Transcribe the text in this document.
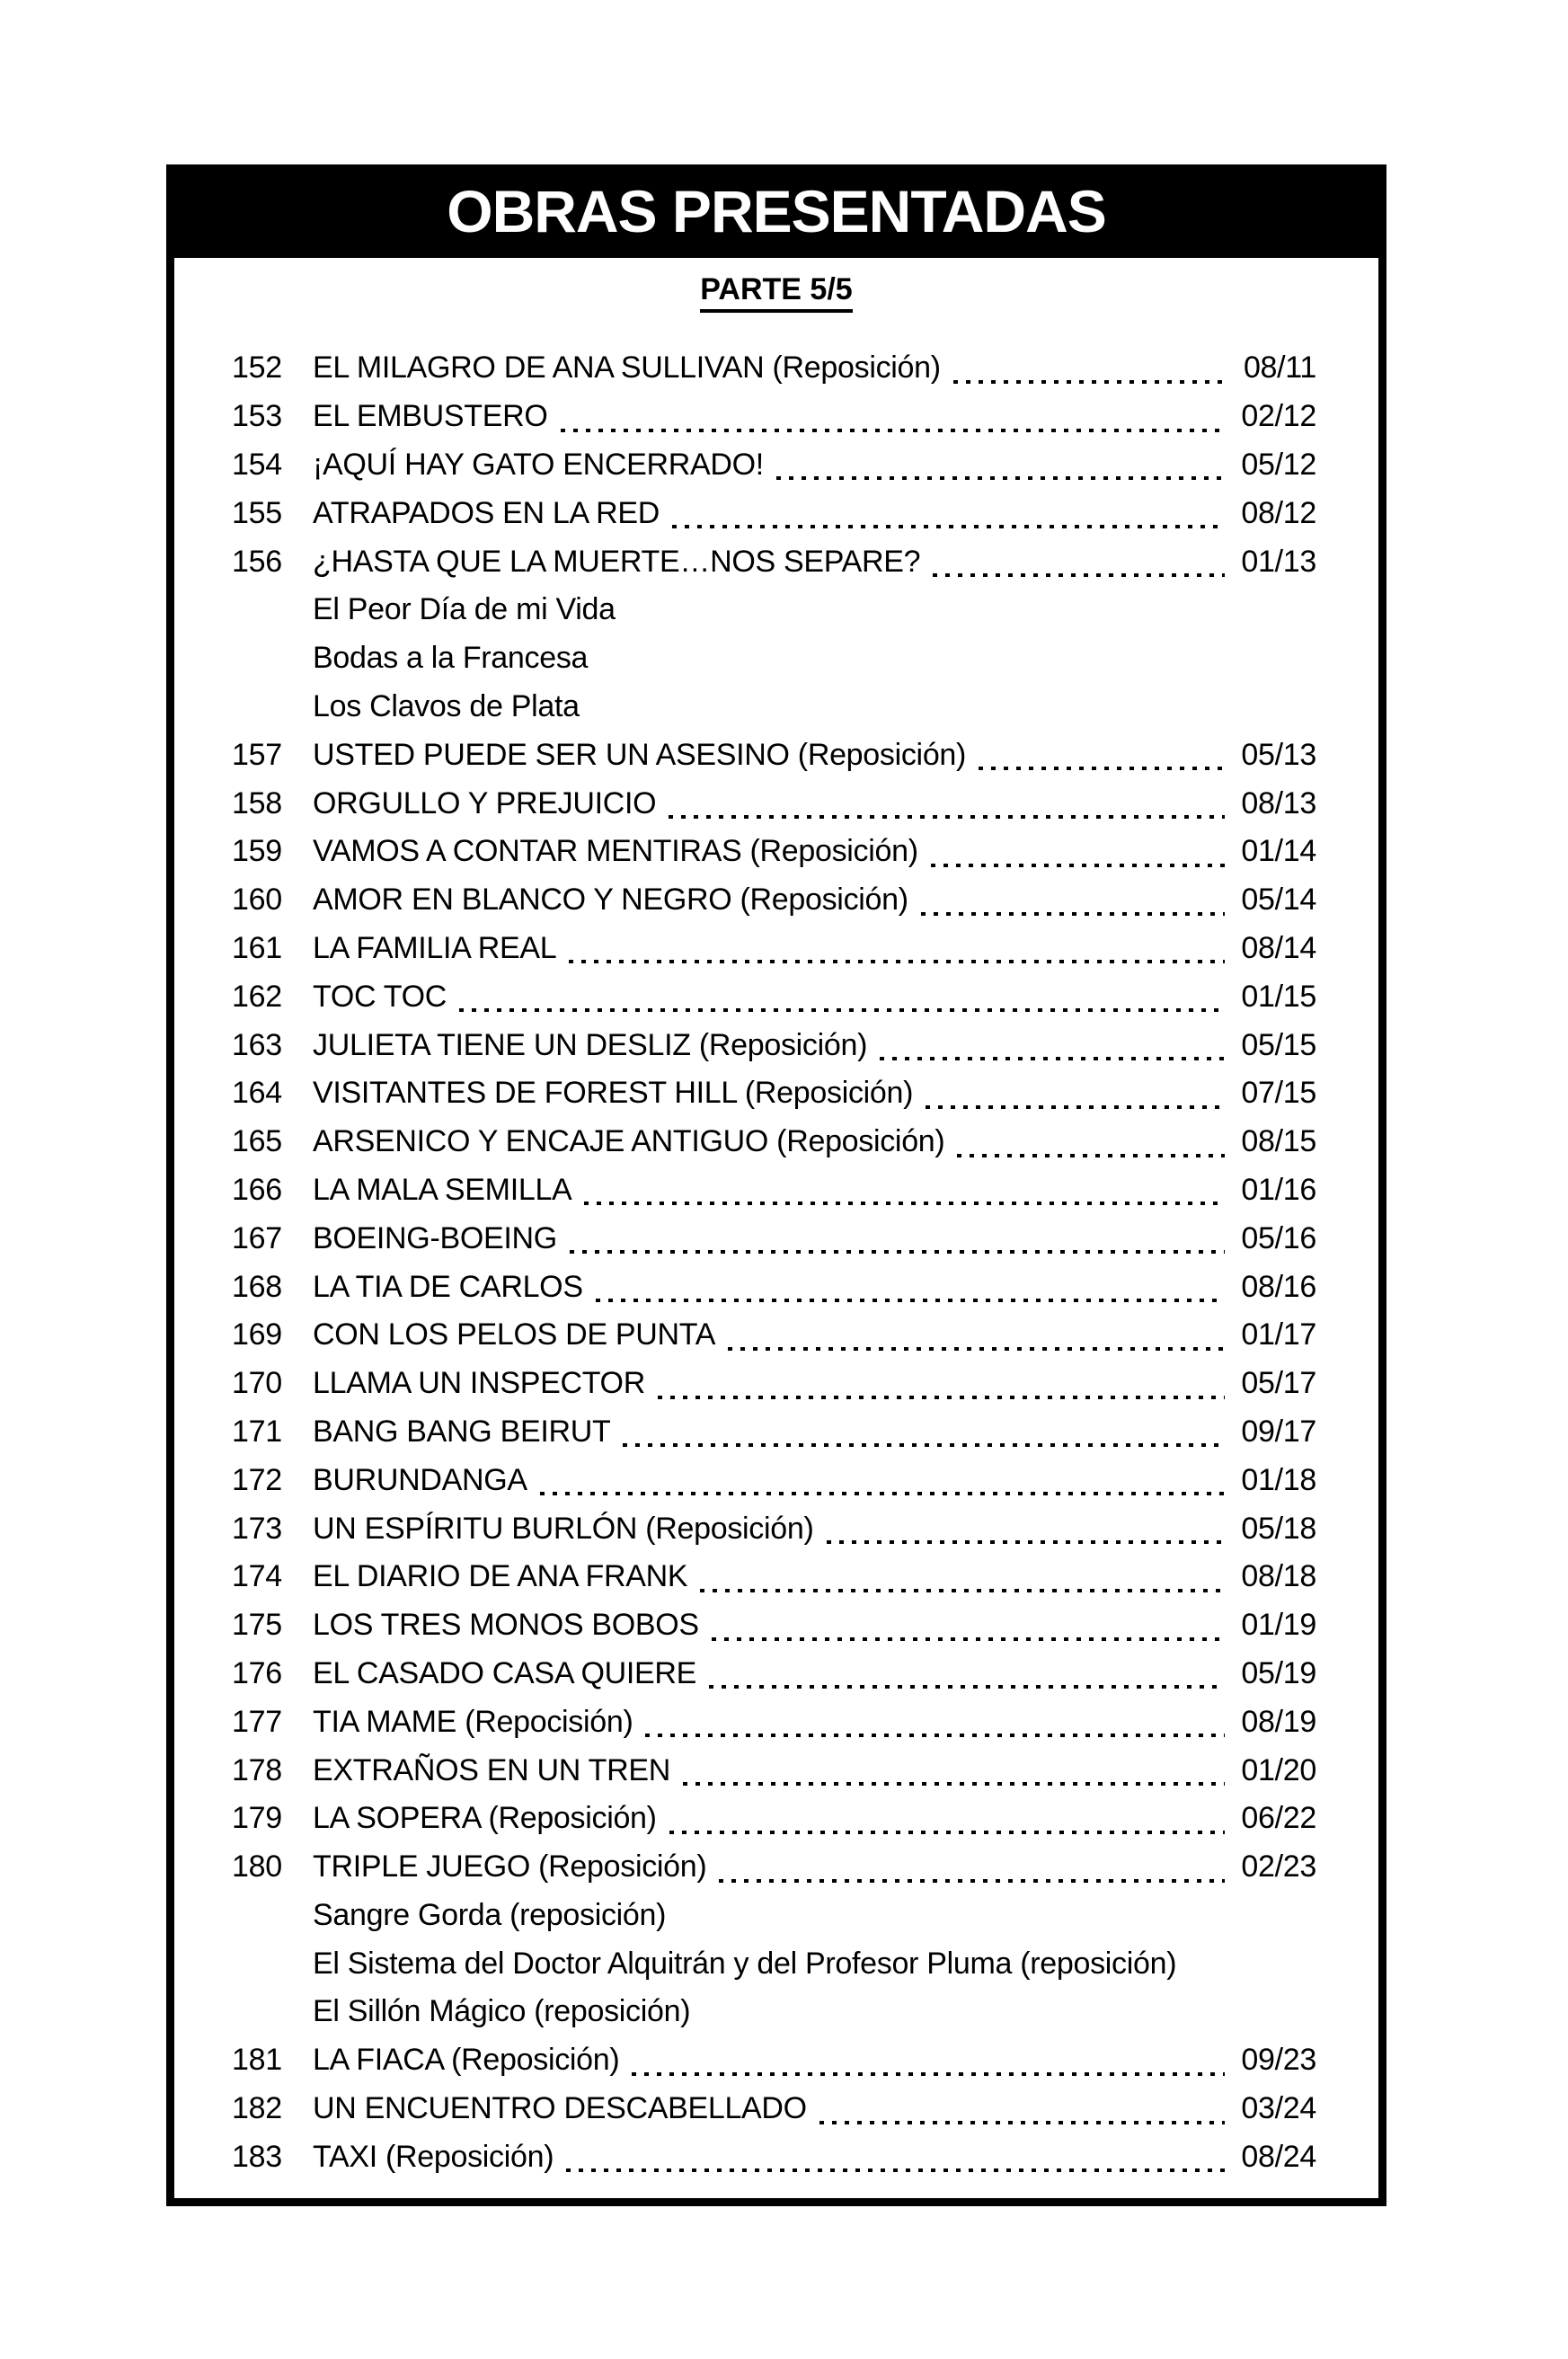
OBRAS PRESENTADAS
PARTE 5/5
152	EL MILAGRO DE ANA SULLIVAN (Reposición)	08/11
153	EL EMBUSTERO	02/12
154	¡AQUÍ HAY GATO ENCERRADO!	05/12
155	ATRAPADOS EN LA RED	08/12
156	¿HASTA QUE LA MUERTE…NOS SEPARE?	01/13
El Peor Día de mi Vida
Bodas a la Francesa
Los Clavos de Plata
157	USTED PUEDE SER UN ASESINO (Reposición)	05/13
158	ORGULLO Y PREJUICIO	08/13
159	VAMOS A CONTAR MENTIRAS (Reposición)	01/14
160	AMOR EN BLANCO Y NEGRO (Reposición)	05/14
161	LA FAMILIA REAL	08/14
162	TOC TOC	01/15
163	JULIETA TIENE UN DESLIZ (Reposición)	05/15
164	VISITANTES DE FOREST HILL (Reposición)	07/15
165	ARSENICO Y ENCAJE ANTIGUO (Reposición)	08/15
166	LA MALA SEMILLA	01/16
167	BOEING-BOEING	05/16
168	LA TIA DE CARLOS	08/16
169	CON LOS PELOS DE PUNTA	01/17
170	LLAMA UN INSPECTOR	05/17
171	BANG BANG BEIRUT	09/17
172	BURUNDANGA	01/18
173	UN ESPÍRITU BURLÓN (Reposición)	05/18
174	EL DIARIO DE ANA FRANK	08/18
175	LOS TRES MONOS BOBOS	01/19
176	EL CASADO CASA QUIERE	05/19
177	TIA MAME (Repocisión)	08/19
178	EXTRAÑOS EN UN TREN	01/20
179	LA SOPERA (Reposición)	06/22
180	TRIPLE JUEGO (Reposición)	02/23
Sangre Gorda (reposición)
El Sistema del Doctor Alquitrán y del Profesor Pluma (reposición)
El Sillón Mágico (reposición)
181	LA FIACA (Reposición)	09/23
182	UN ENCUENTRO DESCABELLADO	03/24
183	TAXI (Reposición)	08/24
